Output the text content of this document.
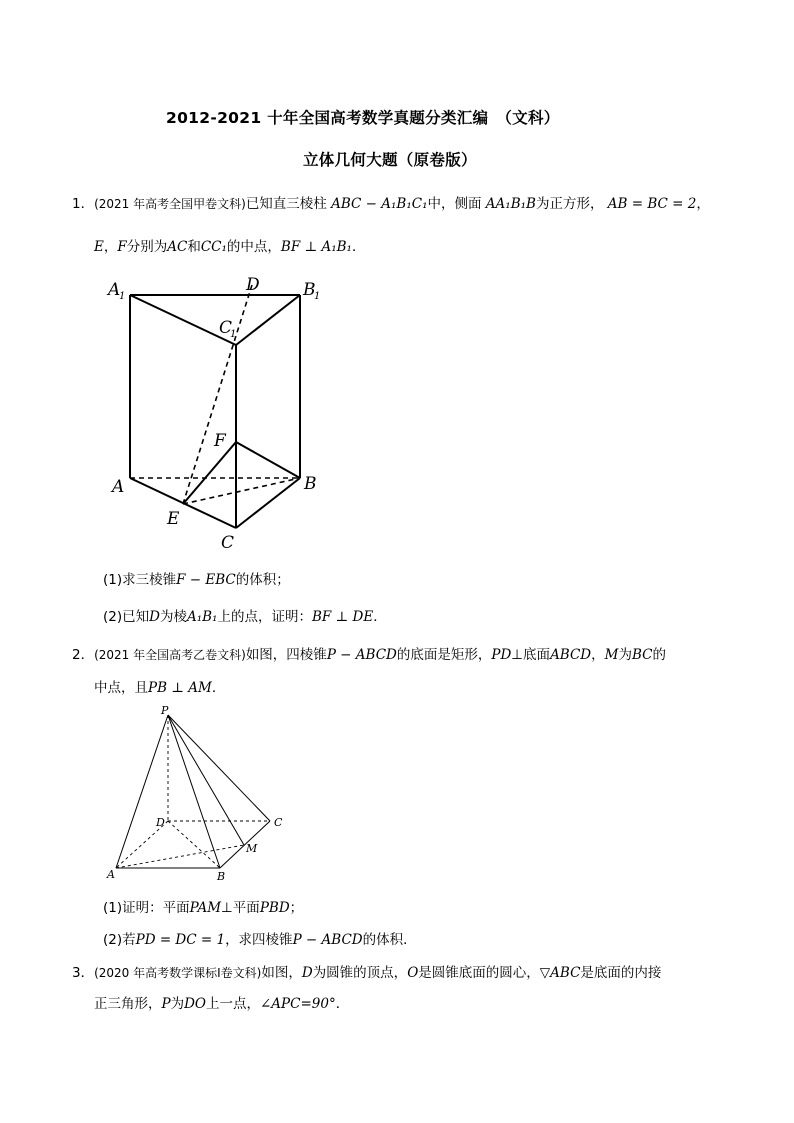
2012-2021 十年全国高考数学真题分类汇编　（文科）
立体几何大题（原卷版）
1．(2021 年高考全国甲卷文科)已知直三棱柱 ABC − A₁B₁C₁中，侧面 AA₁B₁B为正方形， AB = BC = 2，
E，F分别为AC和CC₁的中点，BF ⊥ A₁B₁．
A
1
D	B
1
C
1
F
A	B
E
C
(1)求三棱锥F − EBC的体积；
(2)已知D为棱A₁B₁上的点，证明：BF ⊥ DE．
2．(2021 年全国高考乙卷文科)如图，四棱锥P − ABCD的底面是矩形，PD⊥底面ABCD，M为BC的
中点，且PB ⊥ AM．
P
D	C
M
A	B
(1)证明：平面PAM⊥平面PBD；
(2)若PD = DC = 1，求四棱锥P − ABCD的体积．
3．(2020 年高考数学课标Ⅰ卷文科)如图，D为圆锥的顶点，O是圆锥底面的圆心，▽ABC是底面的内接
正三角形，P为DO上一点，∠APC=90°．
